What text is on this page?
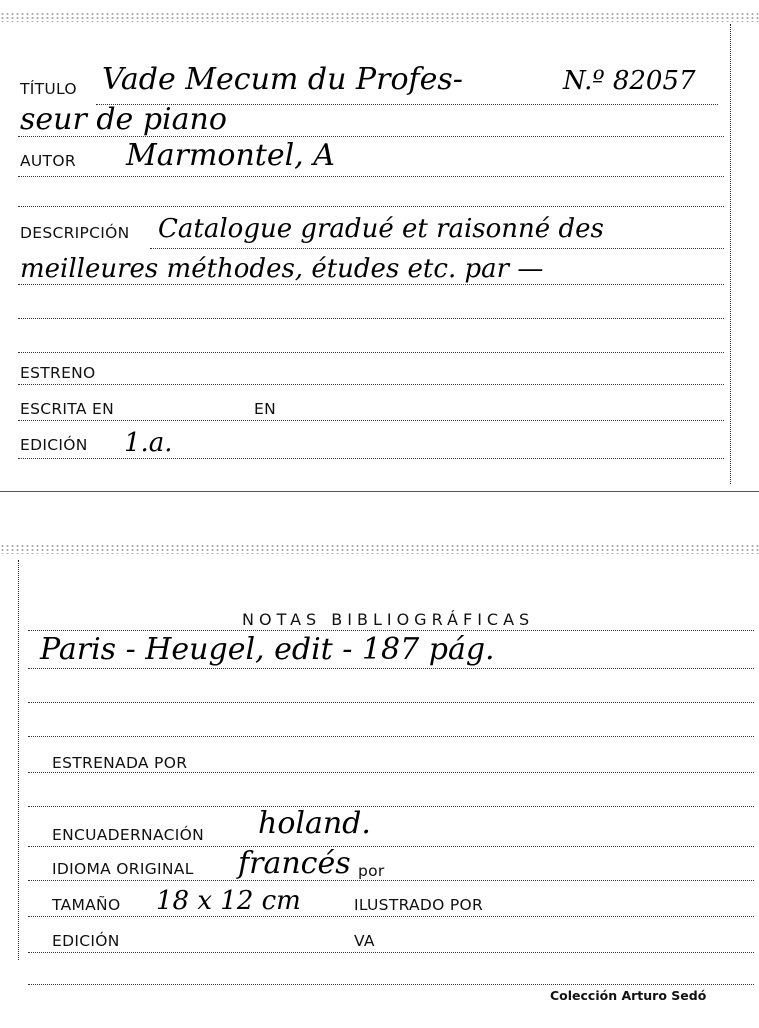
TÍTULO Vade Mecum du Profes-	N.º 82057
seur de piano
AUTOR Marmontel, A
DESCRIPCIÓN Catalogue gradué et raisonné des
meilleures méthodes, études etc. par —
ESTRENO
ESCRITA EN	EN
EDICIÓN 1.a.
NOTAS BIBLIOGRÁFICAS
Paris - Heugel, edit - 187 pág.
ESTRENADA POR
ENCUADERNACIÓN holand.
IDIOMA ORIGINAL francés por
TAMAÑO 18 x 12 cm	ILUSTRADO POR
EDICIÓN	VA
Colección Arturo Sedó
